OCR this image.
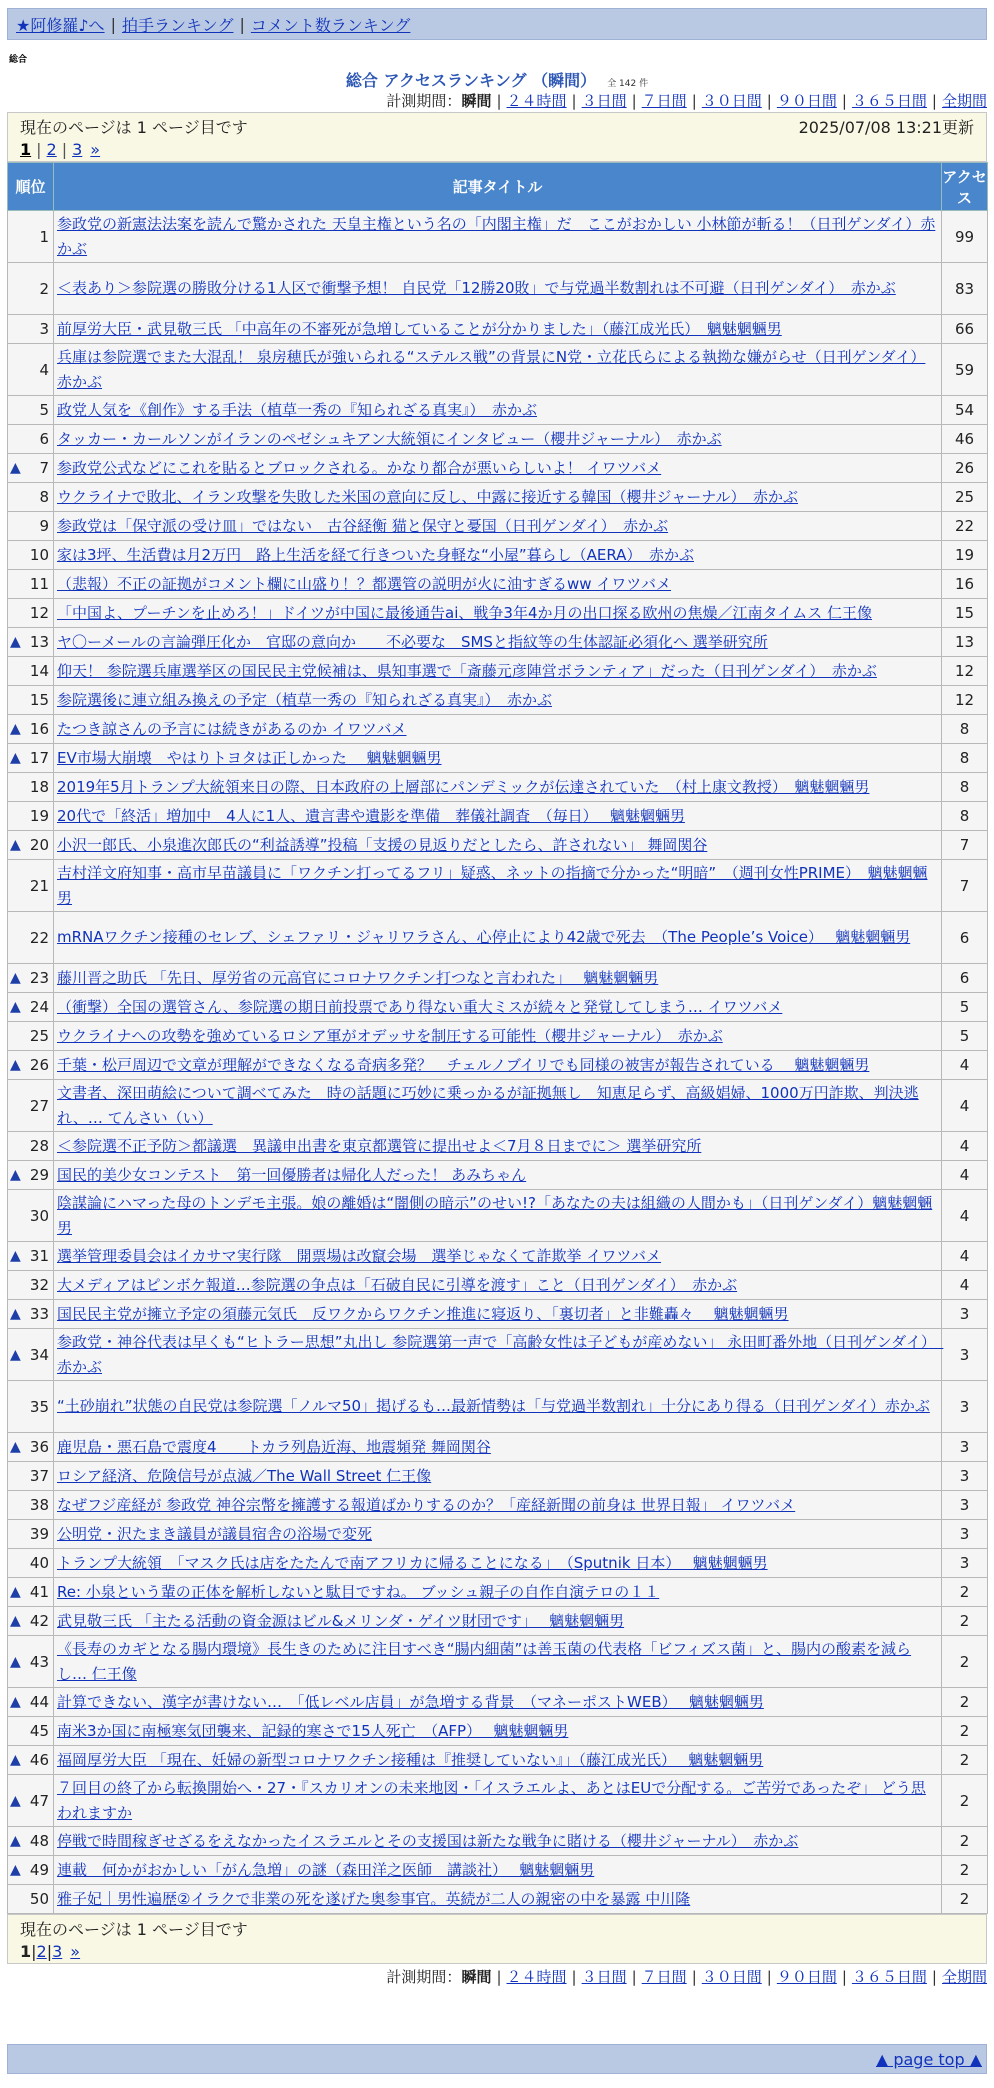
★阿修羅♪へ | 拍手ランキング | コメント数ランキング
総合
総合 アクセスランキング （瞬間） 全 142 件
計測期間：瞬間 | ２４時間 | ３日間 | ７日間 | ３０日間 | ９０日間 | ３６５日間 | 全期間
現在のページは 1 ページ目です	2025/07/08 13:21更新
1 | 2 | 3 »
順位	記事タイトル	アクセス
1	参政党の新憲法法案を読んで驚かされた 天皇主権という名の「内閣主権」だ　ここがおかしい 小林節が斬る！（日刊ゲンダイ）赤かぶ	99
2	＜表あり＞参院選の勝敗分ける1人区で衝撃予想！ 自民党「12勝20敗」で与党過半数割れは不可避（日刊ゲンダイ）　赤かぶ	83
3	前厚労大臣・武見敬三氏 「中高年の不審死が急増していることが分かりました」（藤江成光氏）　魑魅魍魎男	66
4	兵庫は参院選でまた大混乱！ 泉房穂氏が強いられる“ステルス戦”の背景にN党・立花氏らによる執拗な嫌がらせ（日刊ゲンダイ）赤かぶ	59
5	政党人気を《創作》する手法（植草一秀の『知られざる真実』）　赤かぶ	54
6	タッカー・カールソンがイランのペゼシュキアン大統領にインタビュー（櫻井ジャーナル）　赤かぶ	46

▲ 7	参政党公式などにこれを貼るとブロックされる。かなり都合が悪いらしいよ！ イワツバメ	26
8	ウクライナで敗北、イラン攻撃を失敗した米国の意向に反し、中露に接近する韓国（櫻井ジャーナル）　赤かぶ	25
9	参政党は「保守派の受け皿」ではない　古谷経衡 猫と保守と憂国（日刊ゲンダイ）　赤かぶ	22
10	家は3坪、生活費は月2万円　路上生活を経て行きついた身軽な“小屋”暮らし（AERA）　赤かぶ	19
11	（悲報）不正の証拠がコメント欄に山盛り！？都選管の説明が火に油すぎるww イワツバメ	16
12	「中国よ、プーチンを止めろ！」ドイツが中国に最後通告ai、戦争3年4か月の出口探る欧州の焦燥／江南タイムス 仁王像	15

▲ 13	ヤ〇ーメールの言論弾圧化か　官邸の意向か　　不必要な　SMSと指紋等の生体認証必須化へ 選挙研究所	13
14	仰天！ 参院選兵庫選挙区の国民民主党候補は、県知事選で「斎藤元彦陣営ボランティア」だった（日刊ゲンダイ）　赤かぶ	12
15	参院選後に連立組み換えの予定（植草一秀の『知られざる真実』）　赤かぶ	12

▲ 16	たつき諒さんの予言には続きがあるのか イワツバメ	8

▲ 17	EV市場大崩壊　やはりトヨタは正しかった　 魑魅魍魎男	8
18	2019年5月トランプ大統領来日の際、日本政府の上層部にパンデミックが伝達されていた　（村上康文教授）　魑魅魍魎男	8
19	20代で「終活」増加中　4人に1人、遺言書や遺影を準備　葬儀社調査　（毎日）　 魑魅魍魎男	8

▲ 20	小沢一郎氏、小泉進次郎氏の“利益誘導”投稿「支援の見返りだとしたら、許されない」 舞岡関谷	7
21	吉村洋文府知事・高市早苗議員に「ワクチン打ってるフリ」疑惑、ネットの指摘で分かった“明暗”　（週刊女性PRIME）　魑魅魍魎男	7
22	mRNAワクチン接種のセレブ、シェファリ・ジャリワラさん、心停止により42歳で死去　（The People’s Voice）　 魑魅魍魎男	6

▲ 23	藤川晋之助氏 「先日、厚労省の元高官にコロナワクチン打つなと言われた」　 魑魅魍魎男	6

▲ 24	（衝撃）全国の選管さん、参院選の期日前投票であり得ない重大ミスが続々と発覚してしまう… イワツバメ	5
25	ウクライナへの攻勢を強めているロシア軍がオデッサを制圧する可能性（櫻井ジャーナル）　赤かぶ	5

▲ 26	千葉・松戸周辺で文章が理解ができなくなる奇病多発？　チェルノブイリでも同様の被害が報告されている　 魑魅魍魎男	4
27	文書者、深田萌絵について調べてみた　時の話題に巧妙に乗っかるが証拠無し　知恵足らず、高級娼婦、1000万円詐欺、判決逃れ、… てんさい（い）	4
28	＜参院選不正予防＞都議選　異議申出書を東京都選管に提出せよ＜7月８日までに＞ 選挙研究所	4

▲ 29	国民的美少女コンテスト　第一回優勝者は帰化人だった！ あみちゃん	4
30	陰謀論にハマった母のトンデモ主張。娘の離婚は“闇側の暗示”のせい!?「あなたの夫は組織の人間かも」（日刊ゲンダイ）魑魅魍魎男	4

▲ 31	選挙管理委員会はイカサマ実行隊　開票場は改竄会場　選挙じゃなくて詐欺挙 イワツバメ	4
32	大メディアはピンボケ報道…参院選の争点は「石破自民に引導を渡す」こと（日刊ゲンダイ）　赤かぶ	4

▲ 33	国民民主党が擁立予定の須藤元気氏　反ワクからワクチン推進に寝返り、「裏切者」と非難轟々　 魑魅魍魎男	3

▲ 34	参政党・神谷代表は早くも“ヒトラー思想”丸出し 参院選第一声で「高齢女性は子どもが産めない」 永田町番外地（日刊ゲンダイ）　赤かぶ	3
35	“土砂崩れ”状態の自民党は参院選「ノルマ50」掲げるも…最新情勢は「与党過半数割れ」十分にあり得る（日刊ゲンダイ）赤かぶ	3

▲ 36	鹿児島・悪石島で震度4　　トカラ列島近海、地震頻発 舞岡関谷	3
37	ロシア経済、危険信号が点滅／The Wall Street 仁王像	3
38	なぜフジ産経が 参政党 神谷宗幣を擁護する報道ばかりするのか？「産経新聞の前身は 世界日報」 イワツバメ	3
39	公明党・沢たまき議員が議員宿舎の浴場で変死	3
40	トランプ大統領　「マスク氏は店をたたんで南アフリカに帰ることになる」　（Sputnik 日本）　 魑魅魍魎男	3

▲ 41	Re: 小泉という輩の正体を解析しないと駄目ですね。 ブッシュ親子の自作自演テロの１１	2

▲ 42	武見敬三氏 「主たる活動の資金源はビル&メリンダ・ゲイツ財団です」　 魑魅魍魎男	2

▲ 43	《長寿のカギとなる腸内環境》長生きのために注目すべき“腸内細菌”は善玉菌の代表格「ビフィズス菌」と、腸内の酸素を減らし… 仁王像	2

▲ 44	計算できない、漢字が書けない…　「低レベル店員」が急増する背景　（マネーポストWEB）　 魑魅魍魎男	2
45	南米3か国に南極寒気団襲来、記録的寒さで15人死亡　（AFP）　 魑魅魍魎男	2

▲ 46	福岡厚労大臣 「現在、妊婦の新型コロナワクチン接種は『推奨していない』」（藤江成光氏）　 魑魅魍魎男	2

▲ 47	７回目の終了から転換開始へ・27・『スカリオンの未来地図・「イスラエルよ、あとはEUで分配する。ご苦労であったぞ」 どう思われますか	2

▲ 48	停戦で時間稼ぎせざるをえなかったイスラエルとその支援国は新たな戦争に賭ける（櫻井ジャーナル）　赤かぶ	2

▲ 49	連載　何かがおかしい「がん急増」の謎（森田洋之医師　講談社）　 魑魅魍魎男	2
50	雅子妃｜男性遍歴②イラクで非業の死を遂げた奥参事官。英続が二人の親密の中を暴露 中川隆	2
現在のページは 1 ページ目です
1 | 2 | 3 »
計測期間：瞬間 | ２４時間 | ３日間 | ７日間 | ３０日間 | ９０日間 | ３６５日間 | 全期間
▲ page top ▲
